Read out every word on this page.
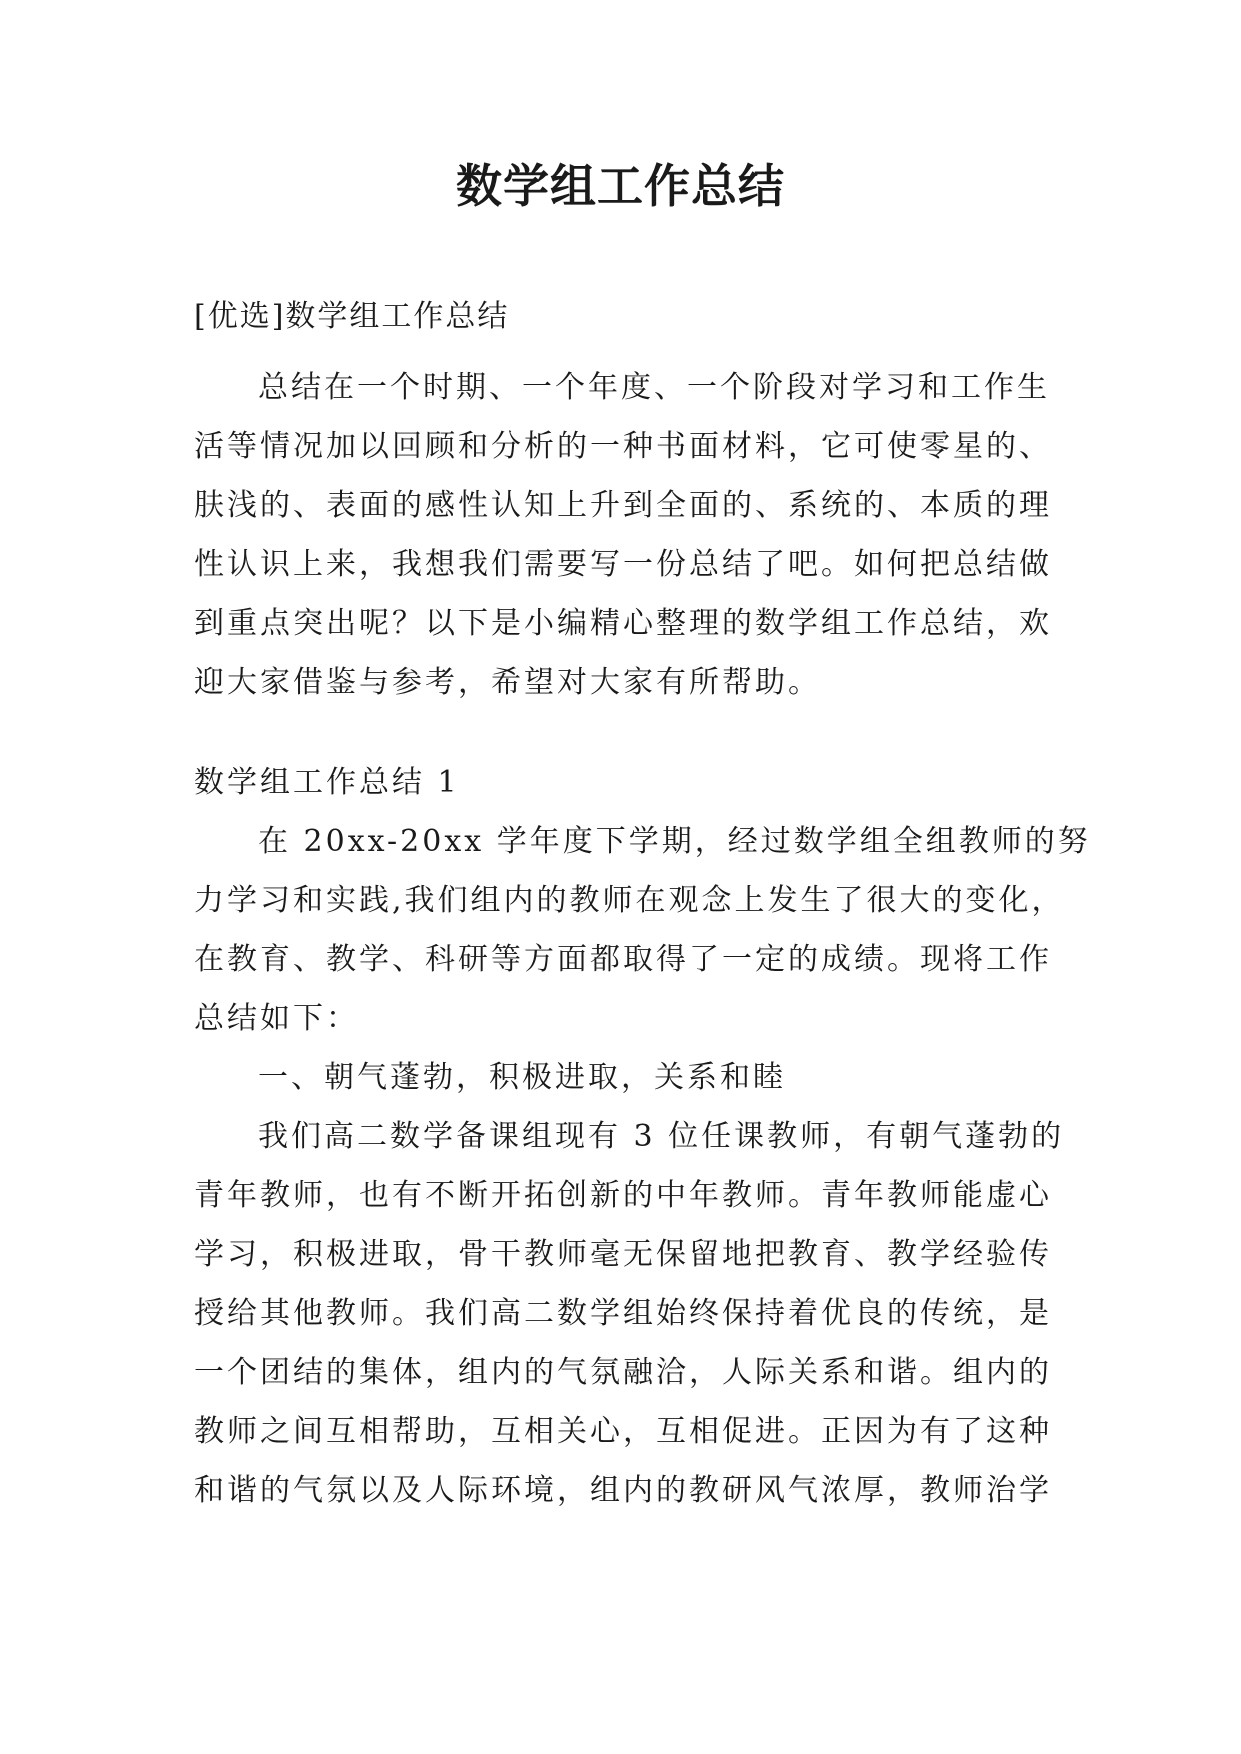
数学组工作总结
[优选]数学组工作总结
总结在一个时期、一个年度、一个阶段对学习和工作生
活等情况加以回顾和分析的一种书面材料，它可使零星的、
肤浅的、表面的感性认知上升到全面的、系统的、本质的理
性认识上来，我想我们需要写一份总结了吧。如何把总结做
到重点突出呢？以下是小编精心整理的数学组工作总结，欢
迎大家借鉴与参考，希望对大家有所帮助。
数学组工作总结 1
在 20xx-20xx 学年度下学期，经过数学组全组教师的努
力学习和实践,我们组内的教师在观念上发生了很大的变化，
在教育、教学、科研等方面都取得了一定的成绩。现将工作
总结如下：
一、朝气蓬勃，积极进取，关系和睦
我们高二数学备课组现有 3 位任课教师，有朝气蓬勃的
青年教师，也有不断开拓创新的中年教师。青年教师能虚心
学习，积极进取，骨干教师毫无保留地把教育、教学经验传
授给其他教师。我们高二数学组始终保持着优良的传统，是
一个团结的集体，组内的气氛融洽，人际关系和谐。组内的
教师之间互相帮助，互相关心，互相促进。正因为有了这种
和谐的气氛以及人际环境，组内的教研风气浓厚，教师治学
